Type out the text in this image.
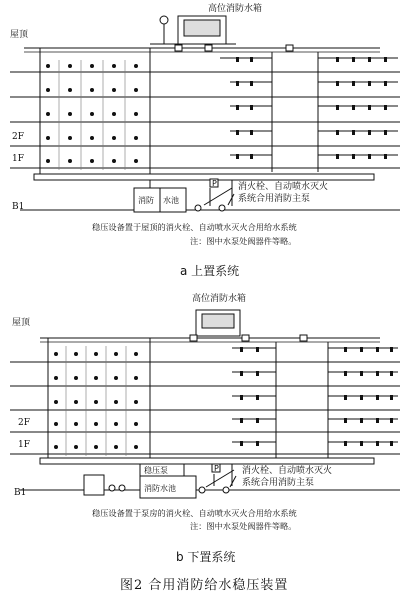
高位消防水箱
屋顶
2F
1F
B1
P
消防 水池
消火栓、自动喷水灭火
系统合用消防主泵
稳压设备置于屋顶的消火栓、自动喷水灭火合用给水系统
注：图中水泵处阀器件等略。
a 上置系统
高位消防水箱
屋顶
2F
1F
B1
稳压泵	P
消防水池
消火栓、自动喷水灭火
系统合用消防主泵
稳压设备置于泵房的消火栓、自动喷水灭火合用给水系统
注：图中水泵处阀器件等略。
b 下置系统
图2 合用消防给水稳压装置
